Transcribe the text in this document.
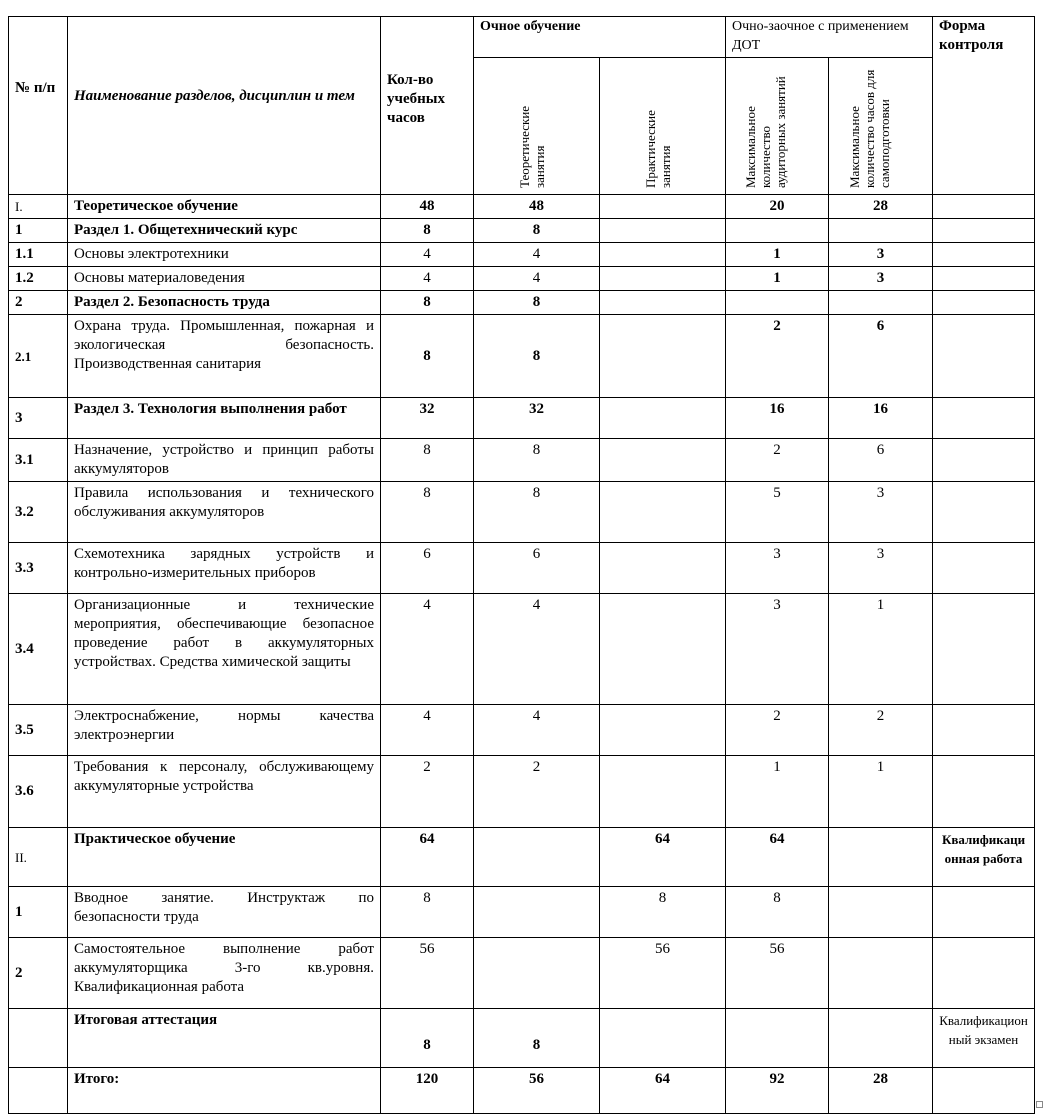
№ п/п	Наименование разделов, дисциплин и тем	Кол-во учебных часов	Очное обучение		Очно-заочное с применением ДОТ		Форма контроля

			Теоретические занятия	Практические занятия	Максимальное количество аудиторных занятий	Максимальное количество часов для самоподготовки	

I.	Теоретическое обучение	48	48		20	28	
1	Раздел 1. Общетехнический курс	8	8				
1.1	Основы электротехники	4	4		1	3	
1.2	Основы материаловедения	4	4		1	3	
2	Раздел 2. Безопасность труда	8	8				
2.1	Охрана труда. Промышленная, пожарная и экологическая безопасность. Производственная санитария	8	8		2	6	
3	Раздел 3. Технология выполнения работ	32	32		16	16	
3.1	Назначение, устройство и принцип работы аккумуляторов	8	8		2	6	
3.2	Правила использования и технического обслуживания аккумуляторов	8	8		5	3	
3.3	Схемотехника зарядных устройств и контрольно-измерительных приборов	6	6		3	3	
3.4	Организационные и технические мероприятия, обеспечивающие безопасное проведение работ в аккумуляторных устройствах. Средства химической защиты	4	4		3	1	
3.5	Электроснабжение, нормы качества электроэнергии	4	4		2	2	
3.6	Требования к персоналу, обслуживающему аккумуляторные устройства	2	2		1	1	
II.	Практическое обучение	64		64	64		Квалификационная работа
1	Вводное занятие. Инструктаж по безопасности труда	8		8	8		
2	Самостоятельное выполнение работ аккумуляторщика 3-го кв.уровня. Квалификационная работа	56		56	56		
	Итоговая аттестация	8	8				Квалификационный экзамен
	Итого:	120	56	64	92	28	
